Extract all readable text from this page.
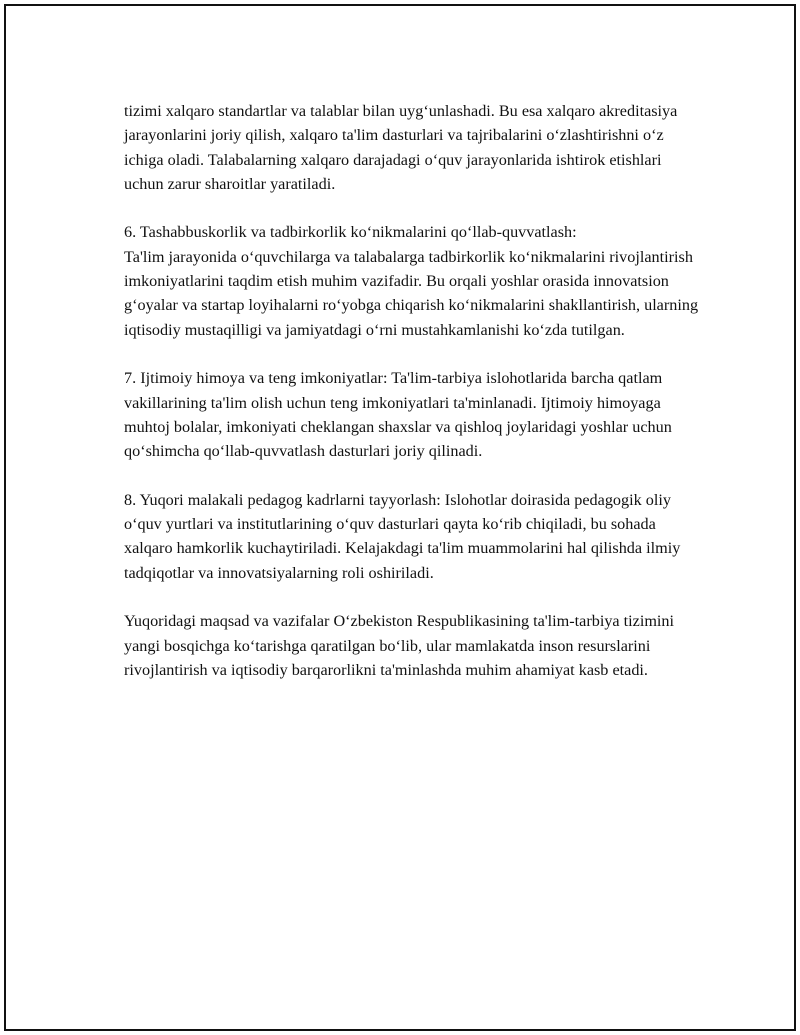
tizimi xalqaro standartlar va talablar bilan uyg‘unlashadi. Bu esa xalqaro akreditasiya jarayonlarini joriy qilish, xalqaro ta'lim dasturlari va tajribalarini o‘zlashtirishni o‘z ichiga oladi. Talabalarning xalqaro darajadagi o‘quv jarayonlarida ishtirok etishlari uchun zarur sharoitlar yaratiladi.

6. Tashabbuskorlik va tadbirkorlik ko‘nikmalarini qo‘llab-quvvatlash:
Ta'lim jarayonida o‘quvchilarga va talabalarga tadbirkorlik ko‘nikmalarini rivojlantirish imkoniyatlarini taqdim etish muhim vazifadir. Bu orqali yoshlar orasida innovatsion g‘oyalar va startap loyihalarni ro‘yobga chiqarish ko‘nikmalarini shakllantirish, ularning iqtisodiy mustaqilligi va jamiyatdagi o‘rni mustahkamlanishi ko‘zda tutilgan.

7. Ijtimoiy himoya va teng imkoniyatlar: Ta'lim-tarbiya islohotlarida barcha qatlam vakillarining ta'lim olish uchun teng imkoniyatlari ta'minlanadi. Ijtimoiy himoyaga muhtoj bolalar, imkoniyati cheklangan shaxslar va qishloq joylaridagi yoshlar uchun qo‘shimcha qo‘llab-quvvatlash dasturlari joriy qilinadi.

8. Yuqori malakali pedagog kadrlarni tayyorlash: Islohotlar doirasida pedagogik oliy o‘quv yurtlari va institutlarining o‘quv dasturlari qayta ko‘rib chiqiladi, bu sohada xalqaro hamkorlik kuchaytiriladi. Kelajakdagi ta'lim muammolarini hal qilishda ilmiy tadqiqotlar va innovatsiyalarning roli oshiriladi.

Yuqoridagi maqsad va vazifalar O‘zbekiston Respublikasining ta'lim-tarbiya tizimini yangi bosqichga ko‘tarishga qaratilgan bo‘lib, ular mamlakatda inson resurslarini rivojlantirish va iqtisodiy barqarorlikni ta'minlashda muhim ahamiyat kasb etadi.
